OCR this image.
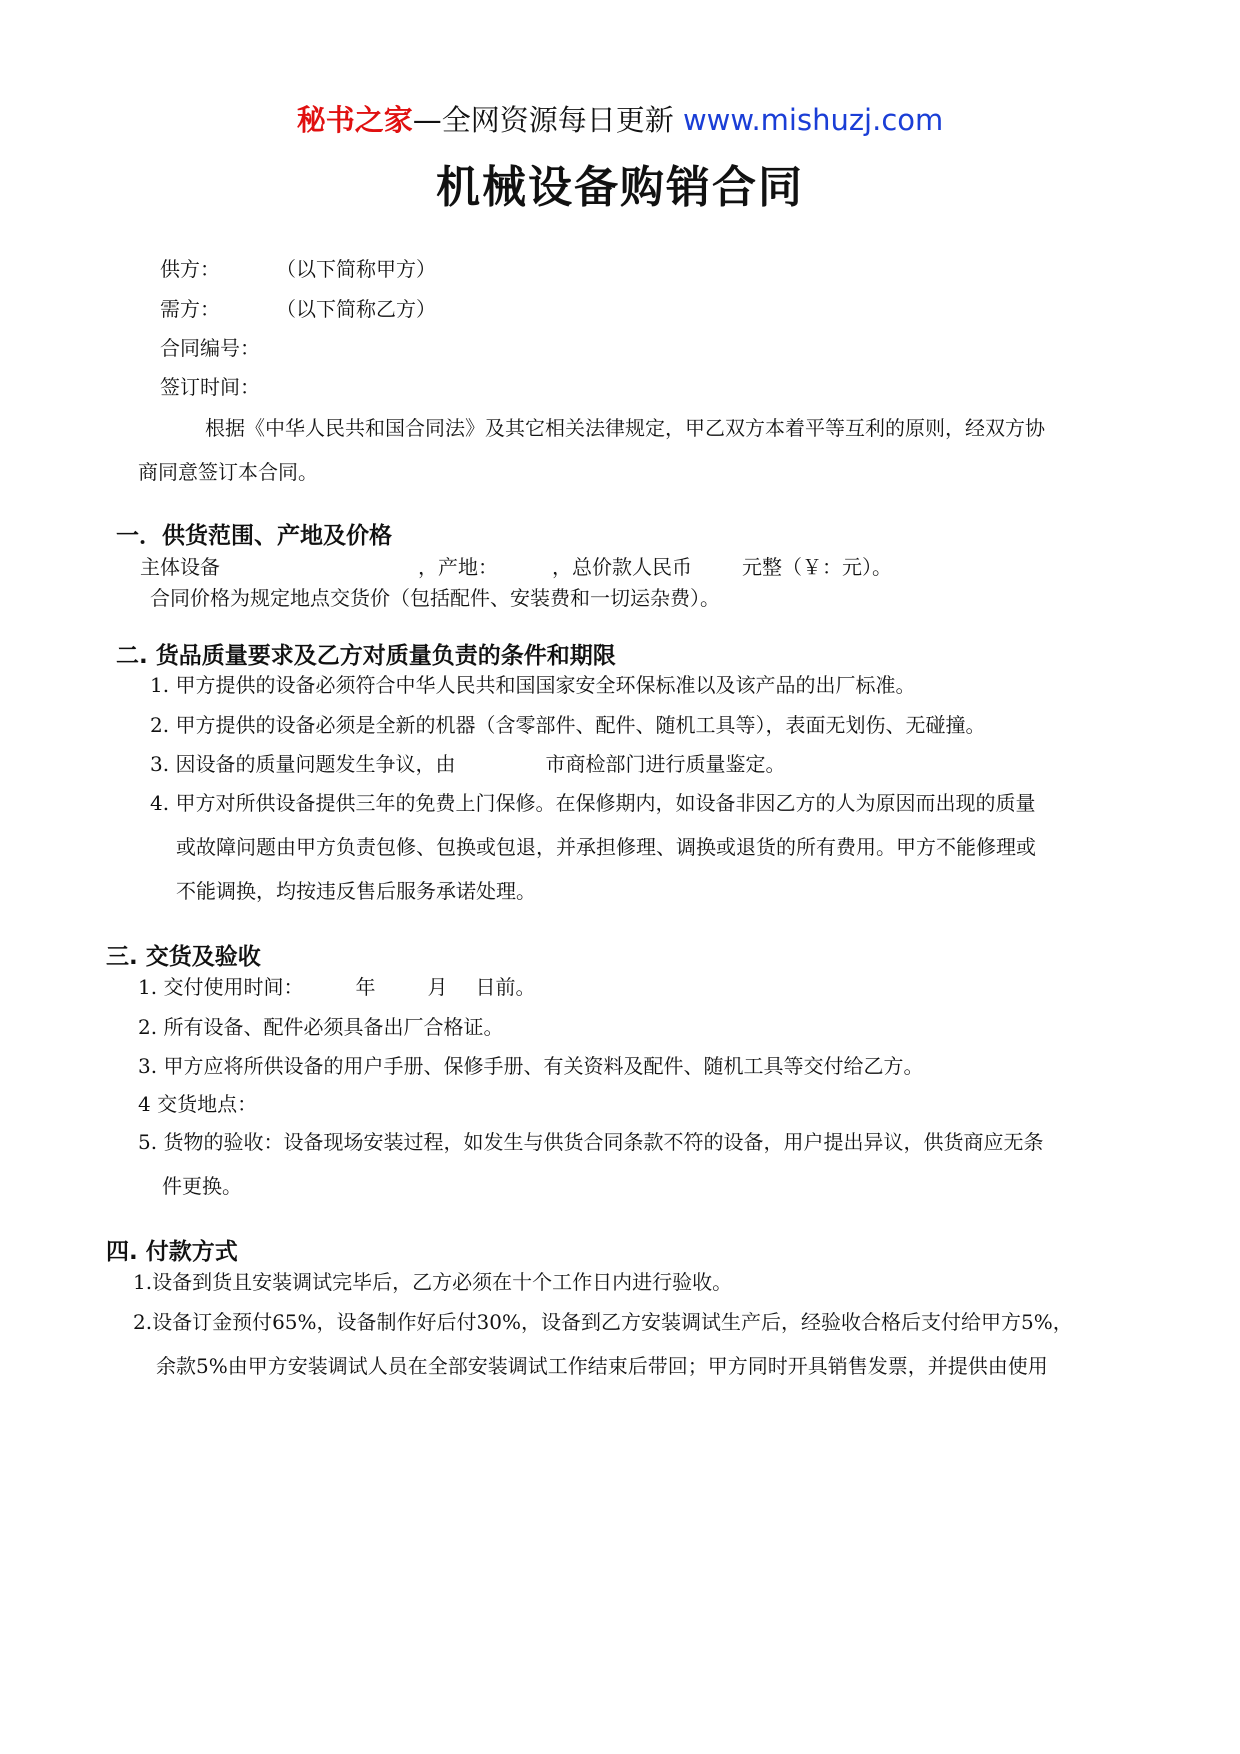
秘书之家—全网资源每日更新 www.mishuzj.com
机械设备购销合同
供方：	（以下简称甲方）
需方：	（以下简称乙方）
合同编号：
签订时间：
根据《中华人民共和国合同法》及其它相关法律规定，甲乙双方本着平等互利的原则，经双方协
商同意签订本合同。
一．供货范围、产地及价格
主体设备	，产地：	，总价款人民币	元整（￥：元）。
合同价格为规定地点交货价（包括配件、安装费和一切运杂费）。
二. 货品质量要求及乙方对质量负责的条件和期限
1. 甲方提供的设备必须符合中华人民共和国国家安全环保标准以及该产品的出厂标准。
2. 甲方提供的设备必须是全新的机器（含零部件、配件、随机工具等），表面无划伤、无碰撞。
3. 因设备的质量问题发生争议，由	市商检部门进行质量鉴定。
4. 甲方对所供设备提供三年的免费上门保修。在保修期内，如设备非因乙方的人为原因而出现的质量
或故障问题由甲方负责包修、包换或包退，并承担修理、调换或退货的所有费用。甲方不能修理或
不能调换，均按违反售后服务承诺处理。
三. 交货及验收
1. 交付使用时间：	年	月 日前。
2. 所有设备、配件必须具备出厂合格证。
3. 甲方应将所供设备的用户手册、保修手册、有关资料及配件、随机工具等交付给乙方。
4 交货地点：
5. 货物的验收：设备现场安装过程，如发生与供货合同条款不符的设备，用户提出异议，供货商应无条
件更换。
四. 付款方式
1.设备到货且安装调试完毕后，乙方必须在十个工作日内进行验收。
2.设备订金预付65%，设备制作好后付30%，设备到乙方安装调试生产后，经验收合格后支付给甲方5%，
余款5%由甲方安装调试人员在全部安装调试工作结束后带回；甲方同时开具销售发票，并提供由使用
